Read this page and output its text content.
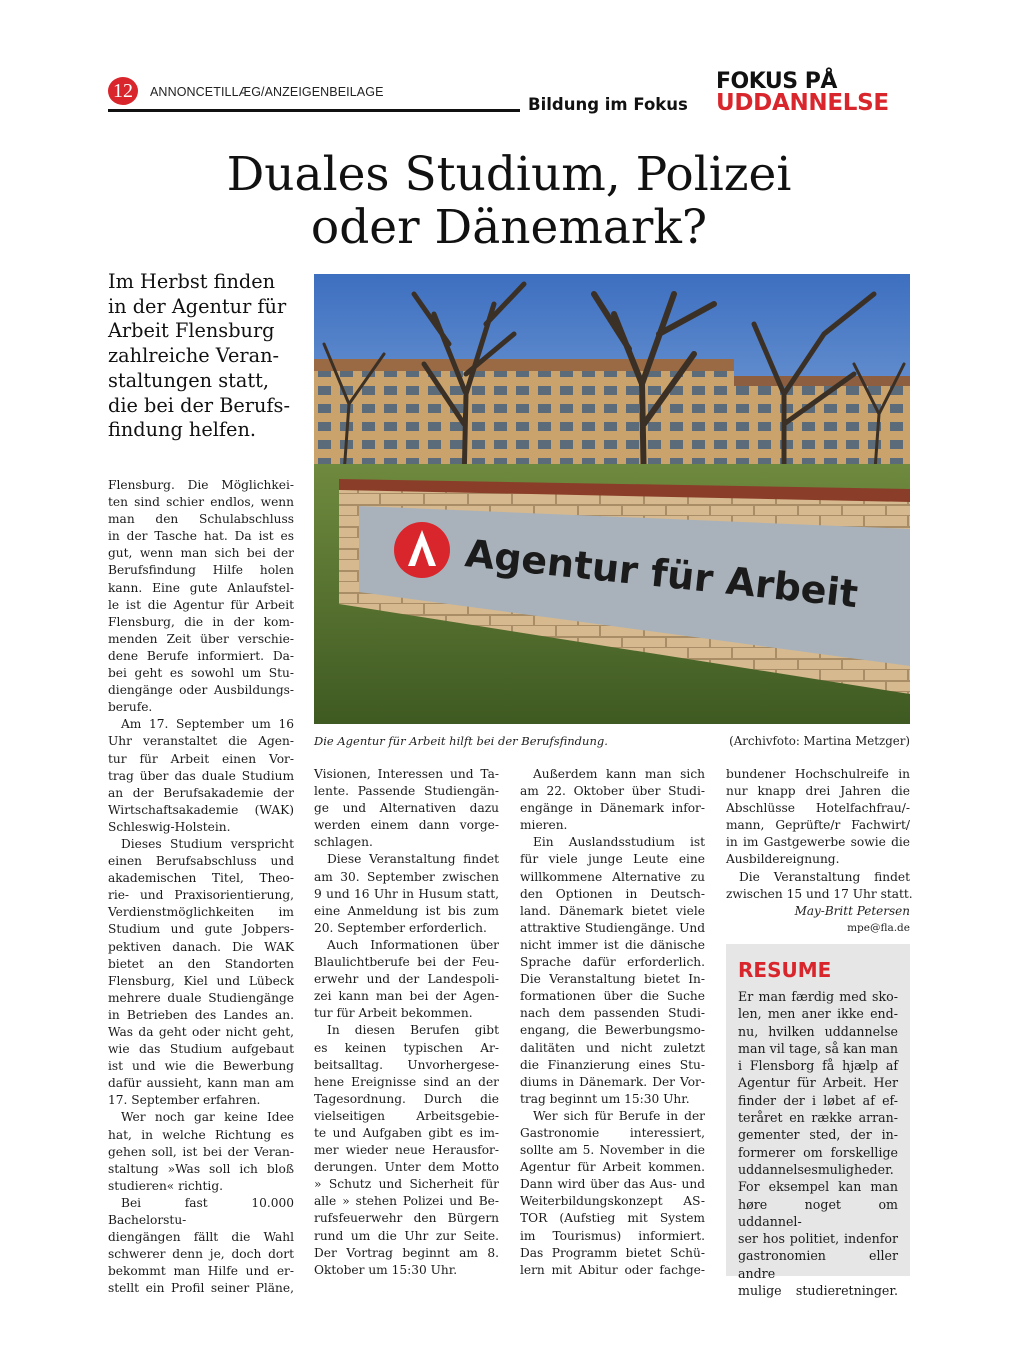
12	ANNONCETILLÆG/ANZEIGENBEILAGE
Bildung im Fokus
FOKUS PÅ
UDDANNELSE
Duales Studium, Polizei
oder Dänemark?
Im Herbst finden
in der Agentur für
Arbeit Flensburg
zahlreiche Veran-
staltungen statt,
die bei der Berufs-
findung helfen.
Agentur für Arbeit
Die Agentur für Arbeit hilft bei der Berufsfindung.	(Archivfoto: Martina Metzger)
Flensburg. Die Möglichkei-
ten sind schier endlos, wenn
man den Schulabschluss
in der Tasche hat. Da ist es
gut, wenn man sich bei der
Berufsfindung Hilfe holen
kann. Eine gute Anlaufstel-
le ist die Agentur für Arbeit
Flensburg, die in der kom-
menden Zeit über verschie-
dene Berufe informiert. Da-
bei geht es sowohl um Stu-
diengänge oder Ausbildungs-
berufe.
Am 17. September um 16
Uhr veranstaltet die Agen-
tur für Arbeit einen Vor-
trag über das duale Studium
an der Berufsakademie der
Wirtschaftsakademie (WAK)
Schleswig-Holstein.
Dieses Studium verspricht
einen Berufsabschluss und
akademischen Titel, Theo-
rie- und Praxisorientierung,
Verdienstmöglichkeiten im
Studium und gute Jobpers-
pektiven danach. Die WAK
bietet an den Standorten
Flensburg, Kiel und Lübeck
mehrere duale Studiengänge
in Betrieben des Landes an.
Was da geht oder nicht geht,
wie das Studium aufgebaut
ist und wie die Bewerbung
dafür aussieht, kann man am
17. September erfahren.
Wer noch gar keine Idee
hat, in welche Richtung es
gehen soll, ist bei der Veran-
staltung »Was soll ich bloß
studieren« richtig.
Bei fast 10.000 Bachelorstu-
diengängen fällt die Wahl
schwerer denn je, doch dort
bekommt man Hilfe und er-
stellt ein Profil seiner Pläne,
Visionen, Interessen und Ta-
lente. Passende Studiengän-
ge und Alternativen dazu
werden einem dann vorge-
schlagen.
Diese Veranstaltung findet
am 30. September zwischen
9 und 16 Uhr in Husum statt,
eine Anmeldung ist bis zum
20. September erforderlich.
Auch Informationen über
Blaulichtberufe bei der Feu-
erwehr und der Landespoli-
zei kann man bei der Agen-
tur für Arbeit bekommen.
In diesen Berufen gibt
es keinen typischen Ar-
beitsalltag. Unvorhergese-
hene Ereignisse sind an der
Tagesordnung. Durch die
vielseitigen Arbeitsgebie-
te und Aufgaben gibt es im-
mer wieder neue Herausfor-
derungen. Unter dem Motto
» Schutz und Sicherheit für
alle » stehen Polizei und Be-
rufsfeuerwehr den Bürgern
rund um die Uhr zur Seite.
Der Vortrag beginnt am 8.
Oktober um 15:30 Uhr.
Außerdem kann man sich
am 22. Oktober über Studi-
engänge in Dänemark infor-
mieren.
Ein Auslandsstudium ist
für viele junge Leute eine
willkommene Alternative zu
den Optionen in Deutsch-
land. Dänemark bietet viele
attraktive Studiengänge. Und
nicht immer ist die dänische
Sprache dafür erforderlich.
Die Veranstaltung bietet In-
formationen über die Suche
nach dem passenden Studi-
engang, die Bewerbungsmo-
dalitäten und nicht zuletzt
die Finanzierung eines Stu-
diums in Dänemark. Der Vor-
trag beginnt um 15:30 Uhr.
Wer sich für Berufe in der
Gastronomie interessiert,
sollte am 5. November in die
Agentur für Arbeit kommen.
Dann wird über das Aus- und
Weiterbildungskonzept AS-
TOR (Aufstieg mit System
im Tourismus) informiert.
Das Programm bietet Schü-
lern mit Abitur oder fachge-
bundener Hochschulreife in
nur knapp drei Jahren die
Abschlüsse Hotelfachfrau/-
mann, Geprüfte/r Fachwirt/
in im Gastgewerbe sowie die
Ausbildereignung.
Die Veranstaltung findet
zwischen 15 und 17 Uhr statt.
May-Britt Petersen
mpe@fla.de
RESUME
Er man færdig med sko-
len, men aner ikke end-
nu, hvilken uddannelse
man vil tage, så kan man
i Flensborg få hjælp af
Agentur für Arbeit. Her
finder der i løbet af ef-
teråret en række arran-
gementer sted, der in-
formerer om forskellige
uddannelsesmuligheder.
For eksempel kan man
høre noget om uddannel-
ser hos politiet, indenfor
gastronomien eller andre
mulige studieretninger.
